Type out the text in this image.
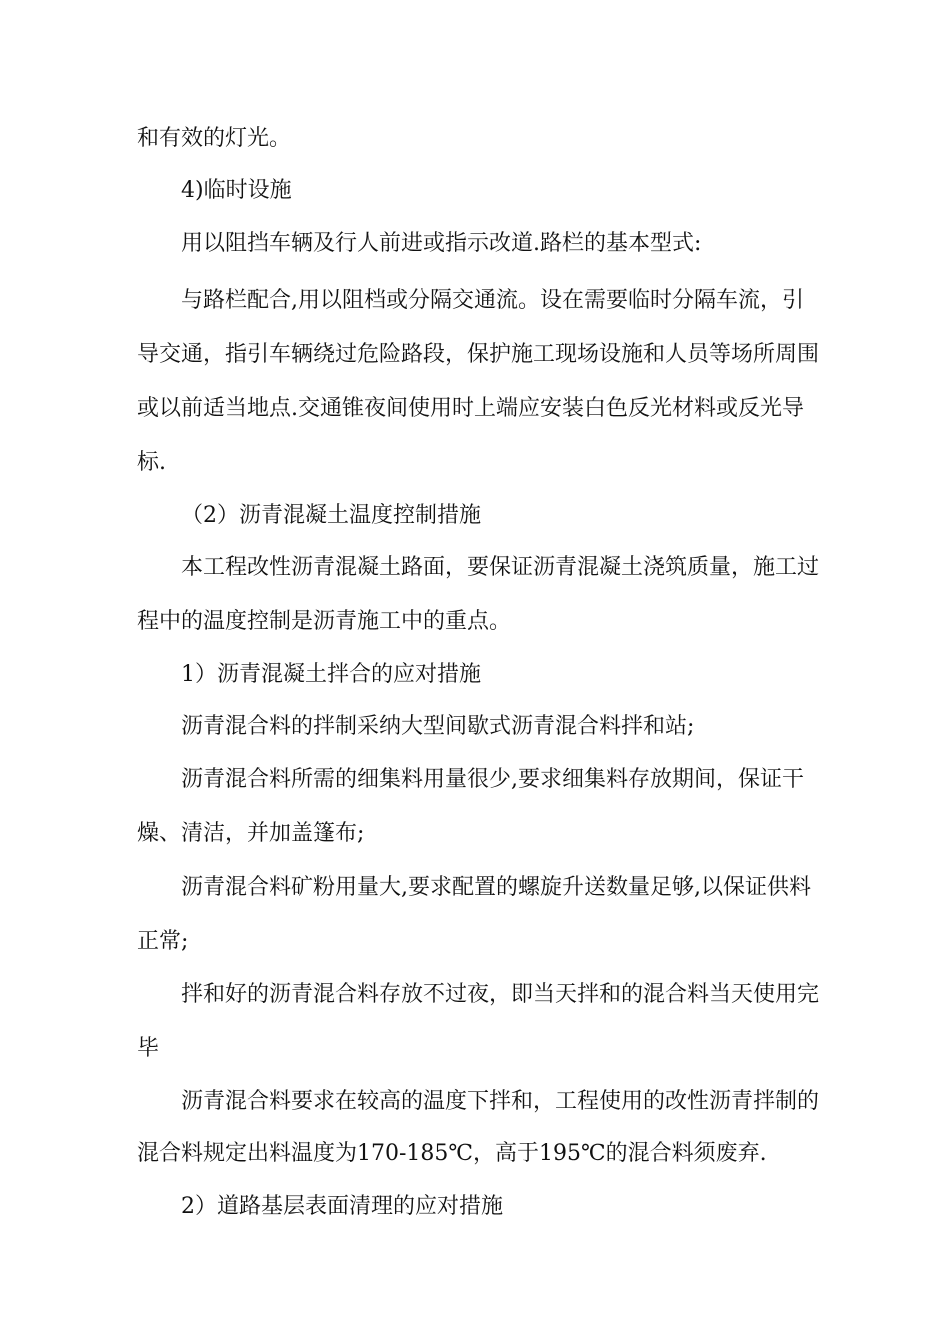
和有效的灯光。
4)临时设施
用以阻挡车辆及行人前进或指示改道.路栏的基本型式:
与路栏配合,用以阻档或分隔交通流。设在需要临时分隔车流，引
导交通，指引车辆绕过危险路段，保护施工现场设施和人员等场所周围
或以前适当地点.交通锥夜间使用时上端应安装白色反光材料或反光导
标.
（2）沥青混凝土温度控制措施
本工程改性沥青混凝土路面，要保证沥青混凝土浇筑质量，施工过
程中的温度控制是沥青施工中的重点。
1）沥青混凝土拌合的应对措施
沥青混合料的拌制采纳大型间歇式沥青混合料拌和站;
沥青混合料所需的细集料用量很少,要求细集料存放期间，保证干
燥、清洁，并加盖篷布;
沥青混合料矿粉用量大,要求配置的螺旋升送数量足够,以保证供料
正常;
拌和好的沥青混合料存放不过夜，即当天拌和的混合料当天使用完
毕
沥青混合料要求在较高的温度下拌和，工程使用的改性沥青拌制的
混合料规定出料温度为170-185℃，高于195℃的混合料须废弃.
2）道路基层表面清理的应对措施
